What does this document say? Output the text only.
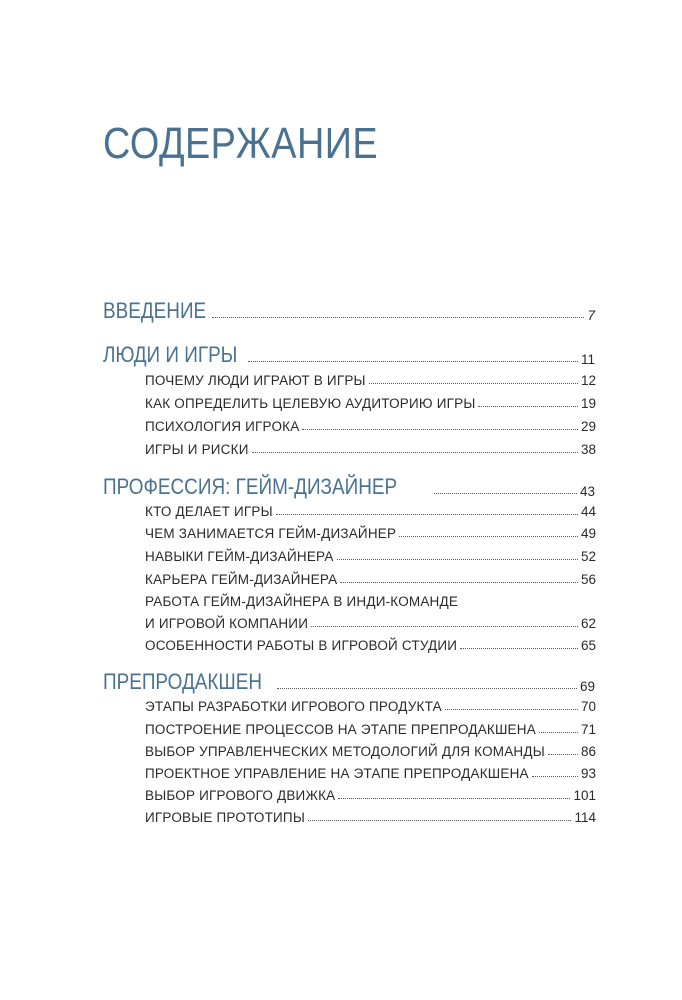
СОДЕРЖАНИЕ
ВВЕДЕНИЕ	7
ЛЮДИ И ИГРЫ	11
ПОЧЕМУ ЛЮДИ ИГРАЮТ В ИГРЫ	12
КАК ОПРЕДЕЛИТЬ ЦЕЛЕВУЮ АУДИТОРИЮ ИГРЫ	19
ПСИХОЛОГИЯ ИГРОКА	29
ИГРЫ И РИСКИ	38
ПРОФЕССИЯ: ГЕЙМ-ДИЗАЙНЕР	43
КТО ДЕЛАЕТ ИГРЫ	44
ЧЕМ ЗАНИМАЕТСЯ ГЕЙМ-ДИЗАЙНЕР	49
НАВЫКИ ГЕЙМ-ДИЗАЙНЕРА	52
КАРЬЕРА ГЕЙМ-ДИЗАЙНЕРА	56
РАБОТА ГЕЙМ-ДИЗАЙНЕРА В ИНДИ-КОМАНДЕ
И ИГРОВОЙ КОМПАНИИ	62
ОСОБЕННОСТИ РАБОТЫ В ИГРОВОЙ СТУДИИ	65
ПРЕПРОДАКШЕН	69
ЭТАПЫ РАЗРАБОТКИ ИГРОВОГО ПРОДУКТА	70
ПОСТРОЕНИЕ ПРОЦЕССОВ НА ЭТАПЕ ПРЕПРОДАКШЕНА	71
ВЫБОР УПРАВЛЕНЧЕСКИХ МЕТОДОЛОГИЙ ДЛЯ КОМАНДЫ	86
ПРОЕКТНОЕ УПРАВЛЕНИЕ НА ЭТАПЕ ПРЕПРОДАКШЕНА	93
ВЫБОР ИГРОВОГО ДВИЖКА	101
ИГРОВЫЕ ПРОТОТИПЫ	114
